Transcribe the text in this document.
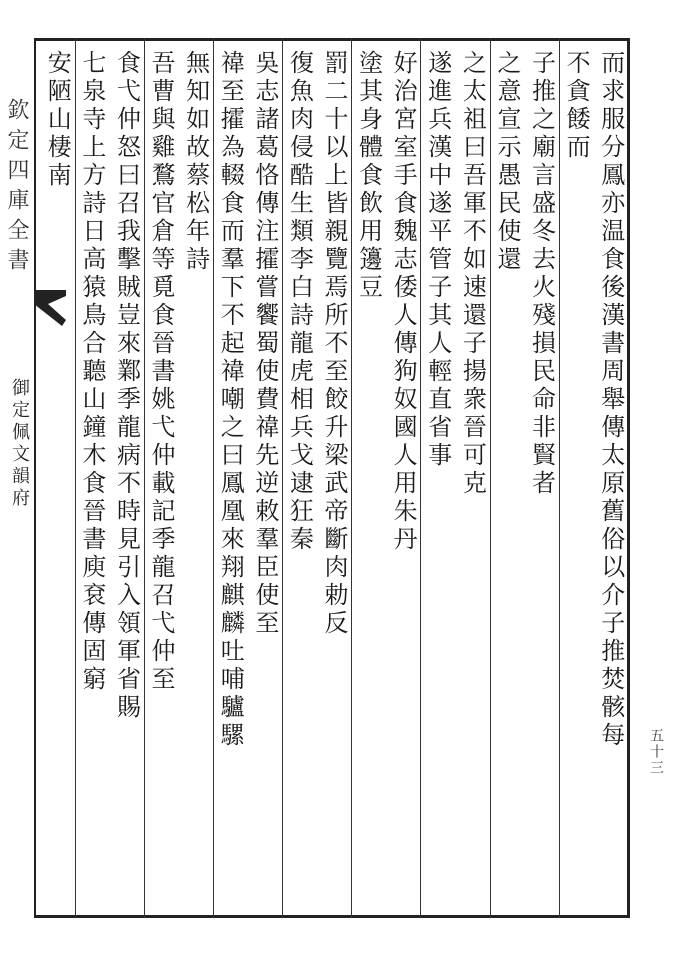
欽定四庫全書
御定佩文韻府	而求服分鳳亦温食後漢書周舉傳太原舊俗以介子推焚骸每
不貪餧而
子推之廟言盛冬去火殘損民命非賢者
之意宣示愚民使還
之太祖曰吾軍不如速還子揚衆晉可克
遂進兵漢中遂平管子其人輕直省事
好治宮室手食魏志倭人傳狗奴國人用朱丹
塗其身體食飲用籩豆
罰二十以上皆親覽焉所不至餃升梁武帝斷肉勅反
復魚肉侵酷生類李白詩龍虎相兵戈逮狂秦
吳志諸葛恪傳注攉嘗饗蜀使費禕先逆敕羣臣使至
禕至攉為輟食而羣下不起禕嘲之曰鳳凰來翔麒麟吐哺驢騾
無知如故蔡松年詩
吾曹與雞鶩官倉等覓食晉書姚弋仲載記季龍召弋仲至
食弋仲怒曰召我擊賊豈來鄴季龍病不時見引入領軍省賜
七泉寺上方詩日高猿鳥合聽山鐘木食晉書庾袞傳固窮
安陋山棲南
五十三
